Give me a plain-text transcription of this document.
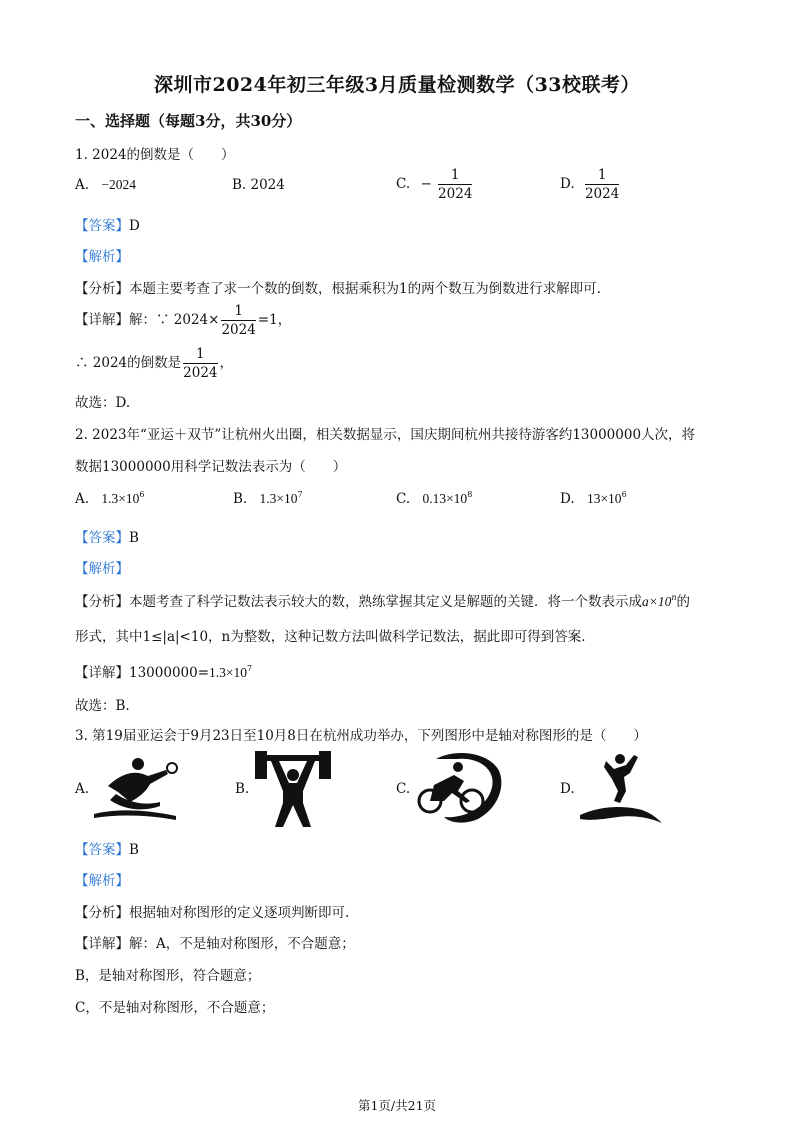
深圳市2024年初三年级3月质量检测数学（33校联考）
一、选择题（每题3分，共30分）
1. 2024的倒数是（　　）
A. −2024	B. 2024	C. − $\frac{1}{2024}$	D. $\frac{1}{2024}$
【答案】D
【解析】
【分析】本题主要考查了求一个数的倒数，根据乘积为1的两个数互为倒数进行求解即可.
【详解】解：∵ $2024\times \frac{1}{2024} =1$，
∴ 2024的倒数是 $\frac{1}{2024}$ ，
故选：D.
2. 2023年“亚运＋双节”让杭州火出圈，相关数据显示，国庆期间杭州共接待游客约13000000人次，将
数据13000000用科学记数法表示为（　　）
A. $1.3\times 10^6$	B. $1.3\times 10^7$	C. $0.13\times 10^8$	D. $13\times 10^6$
【答案】B
【解析】
【分析】本题考查了科学记数法表示较大的数，熟练掌握其定义是解题的关键．将一个数表示成$a\times 10^n$的
形式，其中1≤|a|<10，n为整数，这种记数方法叫做科学记数法，据此即可得到答案.
【详解】$13000000=1.3\times 10^7$
故选：B.
3. 第19届亚运会于9月23日至10月8日在杭州成功举办，下列图形中是轴对称图形的是（　　）
A.	B.	C.	D.
【答案】B
【解析】
【分析】根据轴对称图形的定义逐项判断即可.
【详解】解：A，不是轴对称图形，不合题意；
B，是轴对称图形，符合题意；
C，不是轴对称图形，不合题意；
第1页/共21页
